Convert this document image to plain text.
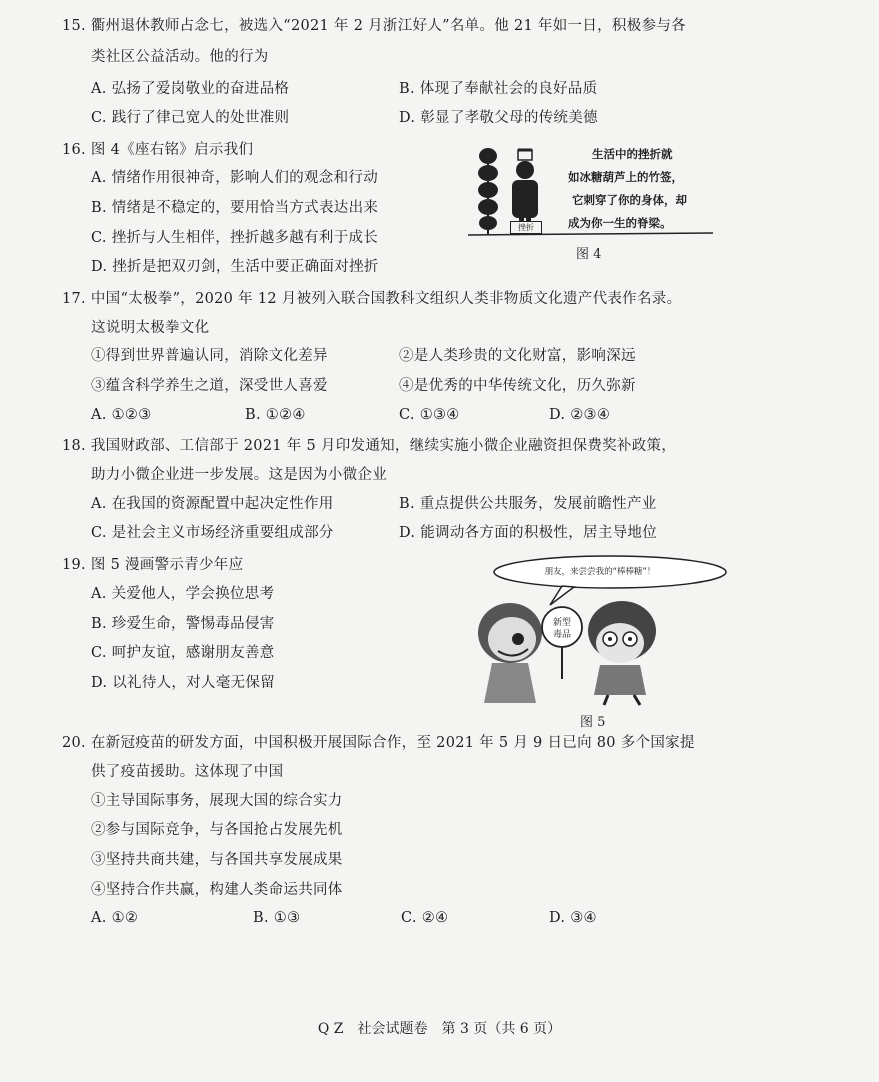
15. 衢州退休教师占念七，被选入“2021 年 2 月浙江好人”名单。他 21 年如一日，积极参与各
类社区公益活动。他的行为
A. 弘扬了爱岗敬业的奋进品格	B. 体现了奉献社会的良好品质
C. 践行了律己宽人的处世准则	D. 彰显了孝敬父母的传统美德
16. 图 4《座右铭》启示我们
A. 情绪作用很神奇，影响人们的观念和行动
B. 情绪是不稳定的，要用恰当方式表达出来
C. 挫折与人生相伴，挫折越多越有利于成长
D. 挫折是把双刃剑，生活中要正确面对挫折
挫折
生活中的挫折就
如冰糖葫芦上的竹签，
它刺穿了你的身体，却
成为你一生的脊梁。
图 4
17. 中国“太极拳”，2020 年 12 月被列入联合国教科文组织人类非物质文化遗产代表作名录。
这说明太极拳文化
①得到世界普遍认同，消除文化差异	②是人类珍贵的文化财富，影响深远
③蕴含科学养生之道，深受世人喜爱	④是优秀的中华传统文化，历久弥新
A. ①②③	B. ①②④	C. ①③④	D. ②③④
18. 我国财政部、工信部于 2021 年 5 月印发通知，继续实施小微企业融资担保费奖补政策，
助力小微企业进一步发展。这是因为小微企业
A. 在我国的资源配置中起决定性作用	B. 重点提供公共服务，发展前瞻性产业
C. 是社会主义市场经济重要组成部分	D. 能调动各方面的积极性，居主导地位
19. 图 5 漫画警示青少年应
A. 关爱他人，学会换位思考
B. 珍爱生命，警惕毒品侵害
C. 呵护友谊，感谢朋友善意
D. 以礼待人，对人毫无保留
朋友，来尝尝我的“棒棒糖”！
新型
毒品
图 5
20. 在新冠疫苗的研发方面，中国积极开展国际合作，至 2021 年 5 月 9 日已向 80 多个国家提
供了疫苗援助。这体现了中国
①主导国际事务，展现大国的综合实力
②参与国际竞争，与各国抢占发展先机
③坚持共商共建，与各国共享发展成果
④坚持合作共赢，构建人类命运共同体
A. ①②	B. ①③	C. ②④	D. ③④
Q Z　社会试题卷　第 3 页（共 6 页）
